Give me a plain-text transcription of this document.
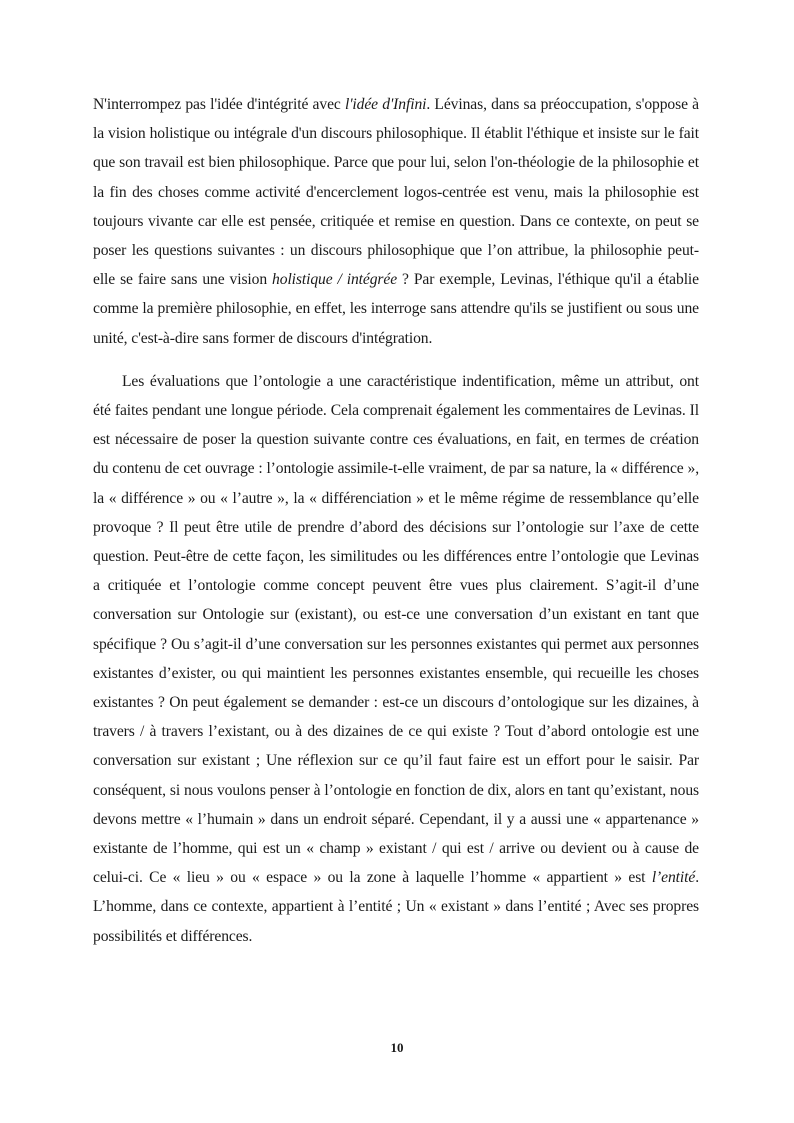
N'interrompez pas l'idée d'intégrité avec l'idée d'Infini. Lévinas, dans sa préoccupation, s'oppose à la vision holistique ou intégrale d'un discours philosophique. Il établit l'éthique et insiste sur le fait que son travail est bien philosophique. Parce que pour lui, selon l'on-théologie de la philosophie et la fin des choses comme activité d'encerclement logos-centrée est venu, mais la philosophie est toujours vivante car elle est pensée, critiquée et remise en question. Dans ce contexte, on peut se poser les questions suivantes : un discours philosophique que l’on attribue, la philosophie peut-elle se faire sans une vision holistique / intégrée ? Par exemple, Levinas, l'éthique qu'il a établie comme la première philosophie, en effet, les interroge sans attendre qu'ils se justifient ou sous une unité, c'est-à-dire sans former de discours d'intégration.

Les évaluations que l’ontologie a une caractéristique indentification, même un attribut, ont été faites pendant une longue période. Cela comprenait également les commentaires de Levinas. Il est nécessaire de poser la question suivante contre ces évaluations, en fait, en termes de création du contenu de cet ouvrage : l’ontologie assimile-t-elle vraiment, de par sa nature, la « différence », la « différence » ou « l’autre », la « différenciation » et le même régime de ressemblance qu’elle provoque ? Il peut être utile de prendre d’abord des décisions sur l’ontologie sur l’axe de cette question. Peut-être de cette façon, les similitudes ou les différences entre l’ontologie que Levinas a critiquée et l’ontologie comme concept peuvent être vues plus clairement. S’agit-il d’une conversation sur Ontologie sur (existant), ou est-ce une conversation d’un existant en tant que spécifique ? Ou s’agit-il d’une conversation sur les personnes existantes qui permet aux personnes existantes d’exister, ou qui maintient les personnes existantes ensemble, qui recueille les choses existantes ? On peut également se demander : est-ce un discours d’ontologique sur les dizaines, à travers / à travers l’existant, ou à des dizaines de ce qui existe ? Tout d’abord ontologie est une conversation sur existant ; Une réflexion sur ce qu’il faut faire est un effort pour le saisir. Par conséquent, si nous voulons penser à l’ontologie en fonction de dix, alors en tant qu’existant, nous devons mettre « l’humain » dans un endroit séparé. Cependant, il y a aussi une « appartenance » existante de l’homme, qui est un « champ » existant / qui est / arrive ou devient ou à cause de celui-ci. Ce « lieu » ou « espace » ou la zone à laquelle l’homme « appartient » est l’entité. L’homme, dans ce contexte, appartient à l’entité ; Un « existant » dans l’entité ; Avec ses propres possibilités et différences.

10
